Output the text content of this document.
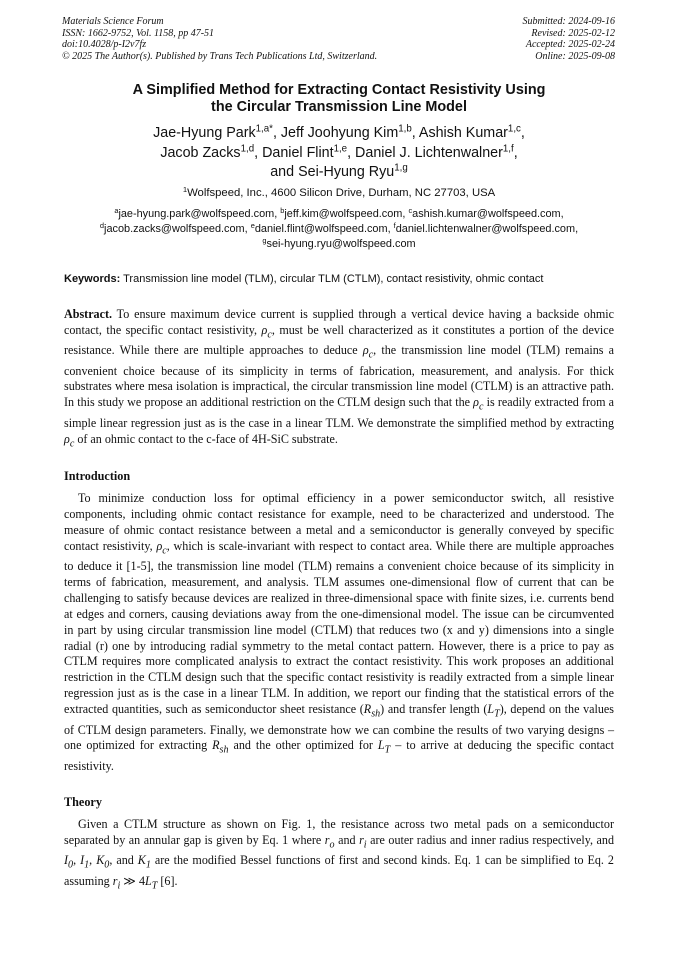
Materials Science Forum
ISSN: 1662-9752, Vol. 1158, pp 47-51
doi:10.4028/p-I2v7fz
© 2025 The Author(s). Published by Trans Tech Publications Ltd, Switzerland.
Submitted: 2024-09-16
Revised: 2025-02-12
Accepted: 2025-02-24
Online: 2025-09-08
A Simplified Method for Extracting Contact Resistivity Using
the Circular Transmission Line Model
Jae-Hyung Park$^{1,a*}$, Jeff Joohyung Kim$^{1,b}$, Ashish Kumar$^{1,c}$,
Jacob Zacks$^{1,d}$, Daniel Flint$^{1,e}$, Daniel J. Lichtenwalner$^{1,f}$,
and Sei-Hyung Ryu$^{1,g}$
$^1$Wolfspeed, Inc., 4600 Silicon Drive, Durham, NC 27703, USA
$^a$jae-hyung.park@wolfspeed.com, $^b$jeff.kim@wolfspeed.com, $^c$ashish.kumar@wolfspeed.com,
$^d$jacob.zacks@wolfspeed.com, $^e$daniel.flint@wolfspeed.com, $^f$daniel.lichtenwalner@wolfspeed.com,
$^g$sei-hyung.ryu@wolfspeed.com
Keywords: Transmission line model (TLM), circular TLM (CTLM), contact resistivity, ohmic contact

Abstract. To ensure maximum device current is supplied through a vertical device having a backside ohmic contact, the specific contact resistivity, $\rho_c$, must be well characterized as it constitutes a portion of the device resistance. While there are multiple approaches to deduce $\rho_c$, the transmission line model (TLM) remains a convenient choice because of its simplicity in terms of fabrication, measurement, and analysis. For thick substrates where mesa isolation is impractical, the circular transmission line model (CTLM) is an attractive path. In this study we propose an additional restriction on the CTLM design such that the $\rho_c$ is readily extracted from a simple linear regression just as is the case in a linear TLM. We demonstrate the simplified method by extracting $\rho_c$ of an ohmic contact to the c-face of 4H-SiC substrate.

Introduction

To minimize conduction loss for optimal efficiency in a power semiconductor switch, all resistive components, including ohmic contact resistance for example, need to be characterized and understood. The measure of ohmic contact resistance between a metal and a semiconductor is generally conveyed by specific contact resistivity, $\rho_c$, which is scale-invariant with respect to contact area. While there are multiple approaches to deduce it [1-5], the transmission line model (TLM) remains a convenient choice because of its simplicity in terms of fabrication, measurement, and analysis. TLM assumes one-dimensional flow of current that can be challenging to satisfy because devices are realized in three-dimensional space with finite sizes, i.e. currents bend at edges and corners, causing deviations away from the one-dimensional model. The issue can be circumvented in part by using circular transmission line model (CTLM) that reduces two (x and y) dimensions into a single radial (r) one by introducing radial symmetry to the metal contact pattern. However, there is a price to pay as CTLM requires more complicated analysis to extract the contact resistivity. This work proposes an additional restriction in the CTLM design such that the specific contact resistivity is readily extracted from a simple linear regression just as is the case in a linear TLM. In addition, we report our finding that the statistical errors of the extracted quantities, such as semiconductor sheet resistance $(R_{sh})$ and transfer length $(L_T)$, depend on the values of CTLM design parameters. Finally, we demonstrate how we can combine the results of two varying designs – one optimized for extracting $R_{sh}$ and the other optimized for $L_T$ – to arrive at deducing the specific contact resistivity.

Theory

Given a CTLM structure as shown on Fig. 1, the resistance across two metal pads on a semiconductor separated by an annular gap is given by Eq. 1 where $r_o$ and $r_i$ are outer radius and inner radius respectively, and $I_0$, $I_1$, $K_0$, and $K_1$ are the modified Bessel functions of first and second kinds. Eq. 1 can be simplified to Eq. 2 assuming $r_i$ ≫ $4L_T$ [6].
